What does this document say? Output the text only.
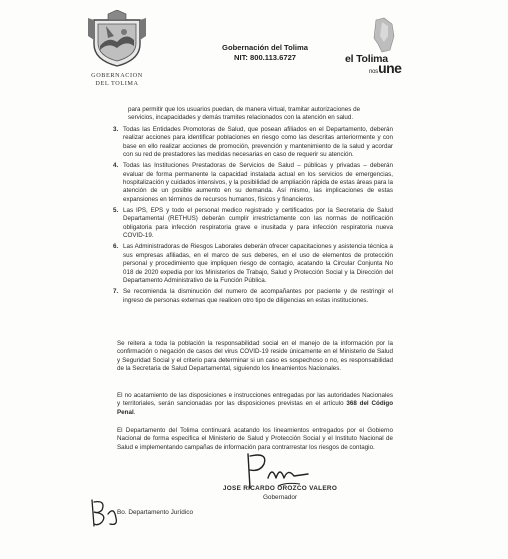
GOBERNACION
DEL TOLIMA
Gobernación del Tolima
NIT: 800.113.6727	el Tolima
nosune
para permitir que los usuarios puedan, de manera virtual, tramitar autorizaciones de
servicios, incapacidades y demás tramites relacionados con la atención en salud.
3. Todas las Entidades Promotoras de Salud, que posean afiliados en el Departamento, deberán realizar acciones para identificar poblaciones en riesgo como las descritas anteriormente y con base en ello realizar acciones de promoción, prevención y mantenimiento de la salud y acordar con su red de prestadores las medidas necesarias en caso de requerir su atención.
4. Todas las Instituciones Prestadoras de Servicios de Salud – públicas y privadas – deberán evaluar de forma permanente la capacidad instalada actual en los servicios de emergencias, hospitalización y cuidados intensivos, y la posibilidad de ampliación rápida de estas áreas para la atención de un posible aumento en su demanda. Así mismo, las implicaciones de estas expansiones en términos de recursos humanos, físicos y financieros.
5. Las IPS, EPS y todo el personal medico registrado y certificados por la Secretaria de Salud Departamental (RETHUS) deberán cumplir irrestrictamente con las normas de notificación obligatoria para infección respiratoria grave e inusitada y para infección respiratoria nueva COVID-19.
6. Las Administradoras de Riesgos Laborales deberán ofrecer capacitaciones y asistencia técnica a sus empresas afiliadas, en el marco de sus deberes, en el uso de elementos de protección personal y procedimiento que impliquen riesgo de contagio, acatando la Circular Conjunta No 018 de 2020 expedia por los Ministerios de Trabajo, Salud y Protección Social y la Dirección del Departamento Administrativo de la Función Pública.
7. Se recomienda la disminución del numero de acompañantes por paciente y de restringir el ingreso de personas externas que realicen otro tipo de diligencias en estas instituciones.
Se reitera a toda la población la responsabilidad social en el manejo de la información por la confirmación o negación de casos del virus COVID-19 reside únicamente en el Ministerio de Salud y Seguridad Social y el criterio para determinar si un caso es sospechoso o no, es responsabilidad de la Secretaria de Salud Departamental, siguiendo los lineamientos Nacionales.
El no acatamiento de las disposiciones e instrucciones entregadas por las autoridades Nacionales y territoriales, serán sancionadas por las disposiciones previstas en el artículo 368 del Código Penal.
El Departamento del Tolima continuará acatando los lineamientos entregados por el Gobierno Nacional de forma especifica el Ministerio de Salud y Protección Social y el Instituto Nacional de Salud e implementando campañas de información para contrarrestar los riesgos de contagio.
JOSE RICARDO OROZCO VALERO
Gobernador
Bo. Departamento Jurídico
